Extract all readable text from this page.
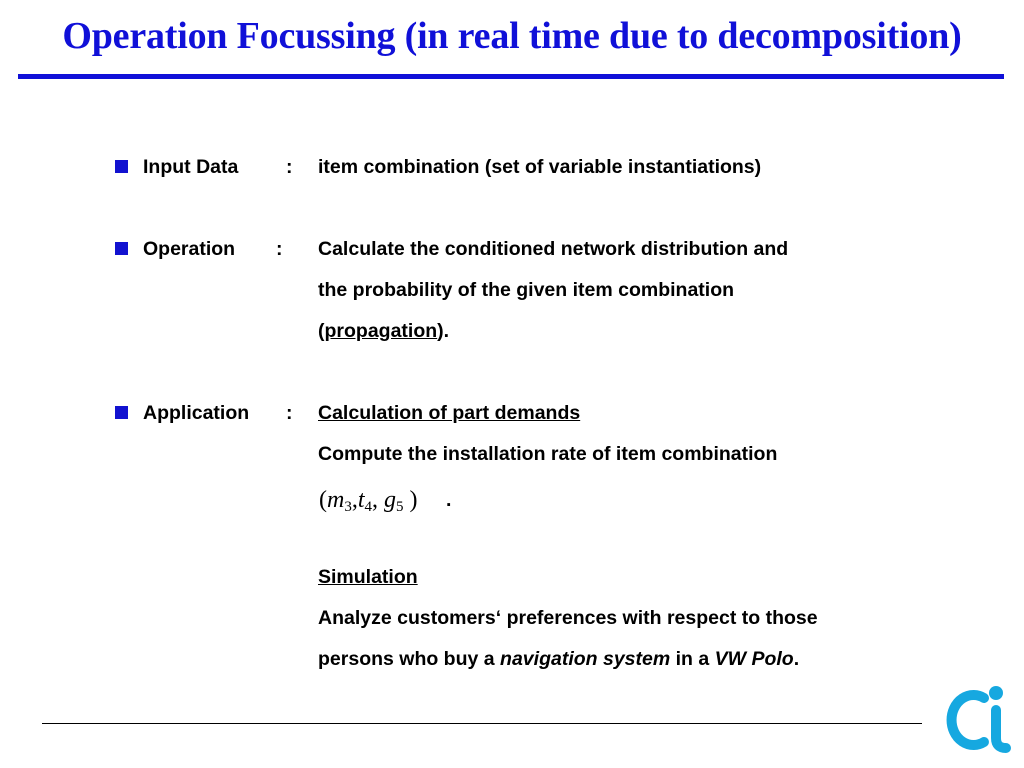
Operation Focussing (in real time due to decomposition)
Input Data : item combination (set of variable instantiations)
Operation : Calculate the conditioned network distribution and
the probability of the given item combination
(propagation).
Application : Calculation of part demands
Compute the installation rate of item combination
($m_3,t_4$, $g_5$ ) .
Simulation
Analyze customers‘ preferences with respect to those
persons who buy a navigation system in a VW Polo.
